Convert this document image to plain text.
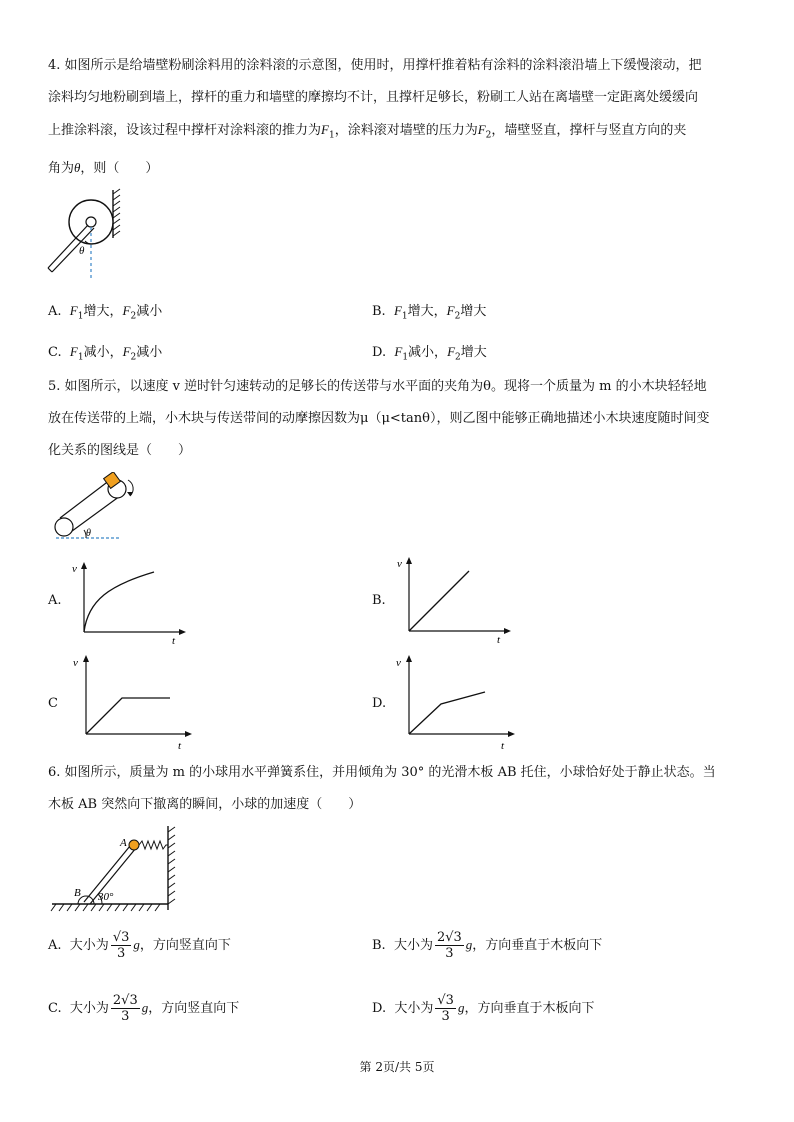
4. 如图所示是给墙壁粉刷涂料用的涂料滚的示意图，使用时，用撑杆推着粘有涂料的涂料滚沿墙上下缓慢滚动，把
涂料均匀地粉刷到墙上，撑杆的重力和墙壁的摩擦均不计，且撑杆足够长，粉刷工人站在离墙壁一定距离处缓缓向
上推涂料滚，设该过程中撑杆对涂料滚的推力为$F_1$，涂料滚对墙壁的压力为$F_2$，墙壁竖直，撑杆与竖直方向的夹
角为θ，则（　　）
θ
A. $F_1$增大，$F_2$减小	B. $F_1$增大，$F_2$增大
C. $F_1$减小，$F_2$减小	D. $F_1$减小，$F_2$增大
5. 如图所示，以速度 v 逆时针匀速转动的足够长的传送带与水平面的夹角为θ。现将一个质量为 m 的小木块轻轻地
放在传送带的上端，小木块与传送带间的动摩擦因数为μ（μ<tanθ），则乙图中能够正确地描述小木块速度随时间变
化关系的图线是（　　）
θ
A.
v
t
B.
v
t
C
v
t
D.
v
t
6. 如图所示，质量为 m 的小球用水平弹簧系住，并用倾角为 30° 的光滑木板 AB 托住，小球恰好处于静止状态。当
木板 AB 突然向下撤离的瞬间，小球的加速度（　　）
A
B 30°
A. 大小为 $\frac{√3}{3}$ g，方向竖直向下	B. 大小为 $\frac{2√3}{3}$ g，方向垂直于木板向下
C. 大小为 $\frac{2√3}{3}$ g，方向竖直向下	D. 大小为 $\frac{√3}{3}$ g，方向垂直于木板向下
第 2页/共 5页
